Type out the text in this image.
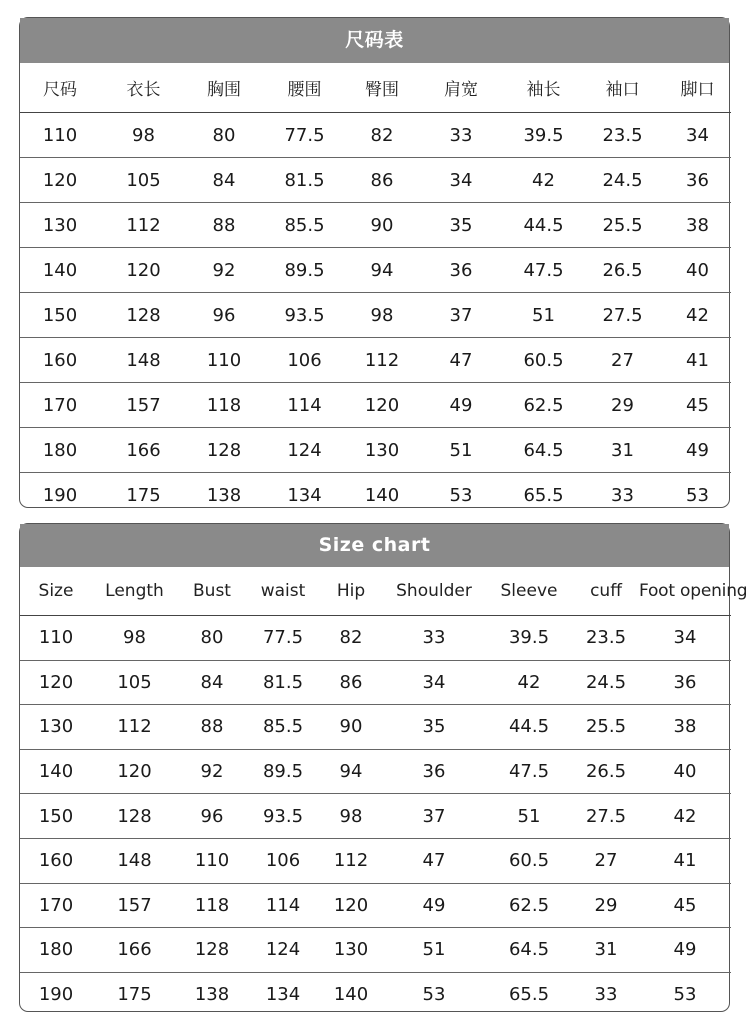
尺码表
尺码	衣长	胸围	腰围	臀围	肩宽	袖长	袖口	脚口
110	98	80	77.5	82	33	39.5	23.5	34
120	105	84	81.5	86	34	42	24.5	36
130	112	88	85.5	90	35	44.5	25.5	38
140	120	92	89.5	94	36	47.5	26.5	40
150	128	96	93.5	98	37	51	27.5	42
160	148	110	106	112	47	60.5	27	41
170	157	118	114	120	49	62.5	29	45
180	166	128	124	130	51	64.5	31	49
190	175	138	134	140	53	65.5	33	53
Size chart
Size	Length	Bust	waist	Hip	Shoulder	Sleeve	cuff	Foot opening
110	98	80	77.5	82	33	39.5	23.5	34
120	105	84	81.5	86	34	42	24.5	36
130	112	88	85.5	90	35	44.5	25.5	38
140	120	92	89.5	94	36	47.5	26.5	40
150	128	96	93.5	98	37	51	27.5	42
160	148	110	106	112	47	60.5	27	41
170	157	118	114	120	49	62.5	29	45
180	166	128	124	130	51	64.5	31	49
190	175	138	134	140	53	65.5	33	53
